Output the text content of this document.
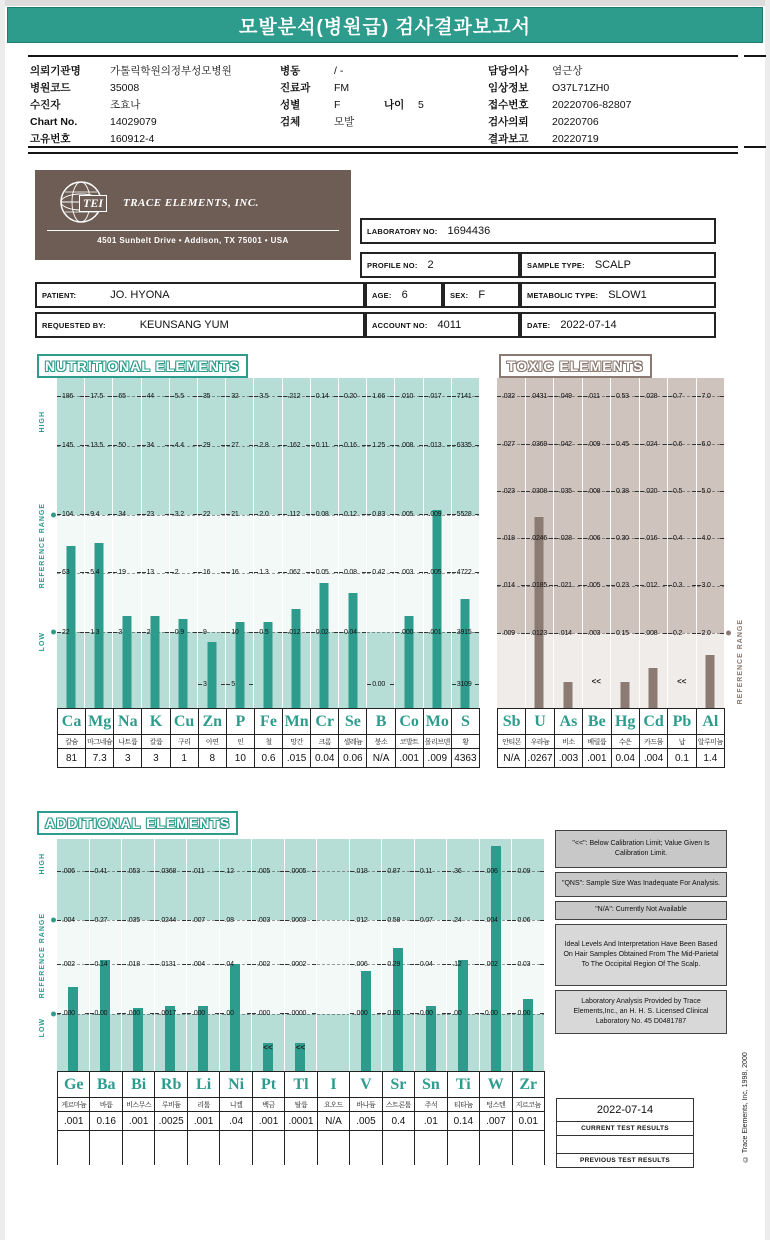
모발분석(병원급) 검사결과보고서
의뢰기관명	가톨릭학원의정부성모병원
병원코드	35008
수진자	조효나
Chart No.	14029079
고유번호	160912-4
병동	/ -
진료과	FM
성별	F	나이	5
검체	모발
담당의사	염근상
임상정보	O37L71ZH0
접수번호	20220706-82807
검사의뢰	20220706
결과보고	20220719
TEI	TRACE ELEMENTS, INC.
4501 Sunbelt Drive • Addison, TX 75001 • USA
LABORATORY NO: 1694436
PROFILE NO: 2	SAMPLE TYPE: SCALP
PATIENT:	JO. HYONA	AGE: 6	SEX: F	METABOLIC TYPE: SLOW1
REQUESTED BY:	KEUNSANG YUM	ACCOUNT NO: 4011	DATE: 2022-07-14
NUTRITIONAL ELEMENTS
HIGH
REFERENCE RANGE
LOW
186
145
104
63
22
17.5
13.5
9.4
5.4
1.3
65
50
34
19
3
44
34
23
13
2
5.5
4.4
3.2
2
0.9
35
29
22
16
9
3
32
27
21
16
10
5
3.5
2.8
2.0
1.3
0.5
.212
.162
.112
.062
.012
0.14
0.11
0.08
0.05
0.02
0.20
0.16
0.12
0.08
0.04
1.66
1.25
0.83
0.42
0.00
.010
.008
.005
.003
.000
.017
.013
.009
.005
.001
7141
6335
5528
4722
3915
3109
Ca Mg Na K Cu Zn P Fe Mn Cr Se B Co Mo S
칼슘	마그네슘 나트륨	칼륨	구리	아연	인	철	망간	크롬	셀레늄	붕소	코발트 몰리브덴	황
81	7.3	3	3	1	8	10	0.6	.015 0.04 0.06	N/A	.001 .009 4363
TOXIC ELEMENTS
REFERENCE RANGE
.032
.027
.023
.018
.014
.009
.0431
.0369
.0308
.0246
.0185
.0123
.049
.042
.035
.028
.021
.014
.011
.009
.008
.006
.005
.003
<<
0.53
0.45
0.38
0.30
0.23
0.15
.028
.024
.020
.016
.012
.008
0.7
0.6
0.5
0.4
0.3
0.2
<<
7.0
6.0
5.0
4.0
3.0
2.0
Sb U As Be Hg Cd Pb Al
안티몬	우라늄	비소	베릴륨	수은	카드뮴	납	알루미늄
N/A .0267 .003 .001 0.04 .004	0.1	1.4
ADDITIONAL ELEMENTS
HIGH
REFERENCE RANGE
LOW
.006
.004
.002
.000
0.41
0.27
0.14
0.00
.053
.035
.018
.000
.0368
.0244
.0131
.0017
.011
.007
.004
.000
.12
.08
.04
.00
.005
.003
.002
.000
<<
.0005
.0003
.0002
.0000
<<
.018
.012
.006
.000
0.87
0.58
0.29
0.00
0.11
0.07
0.04
0.00
.36
.24
.12
.00
.006
.004
.002
0.00
0.09
0.06
0.03
0.00
Ge Ba Bi Rb Li	Ni	Pt	Tl	I	V	Sr Sn	Ti	W Zr
게르마늄	바륨	비스무스	루비듐	리튬	니켈	백금	탈륨	요오드	바나듐	스트론튬	주석	티타늄	텅스텐	지르코늄
.001	0.16	.001	.0025	.001	.04	.001	.0001	N/A	.005	0.4	.01	0.14	.007	0.01
2022-07-14
CURRENT TEST RESULTS
PREVIOUS TEST RESULTS	© Trace Elements, Inc, 1998, 2000
"<<": Below Calibration Limit; Value Given Is Calibration Limit.
"QNS": Sample Size Was Inadequate For Analysis.
"N/A": Currently Not Available
Ideal Levels And Interpretation Have Been Based On Hair Samples Obtained From The Mid-Parietal To The Occipital Region Of The Scalp.
Laboratory Analysis Provided by Trace Elements,Inc., an H. H. S. Licensed Clinical Laboratory No. 45 D0481787
